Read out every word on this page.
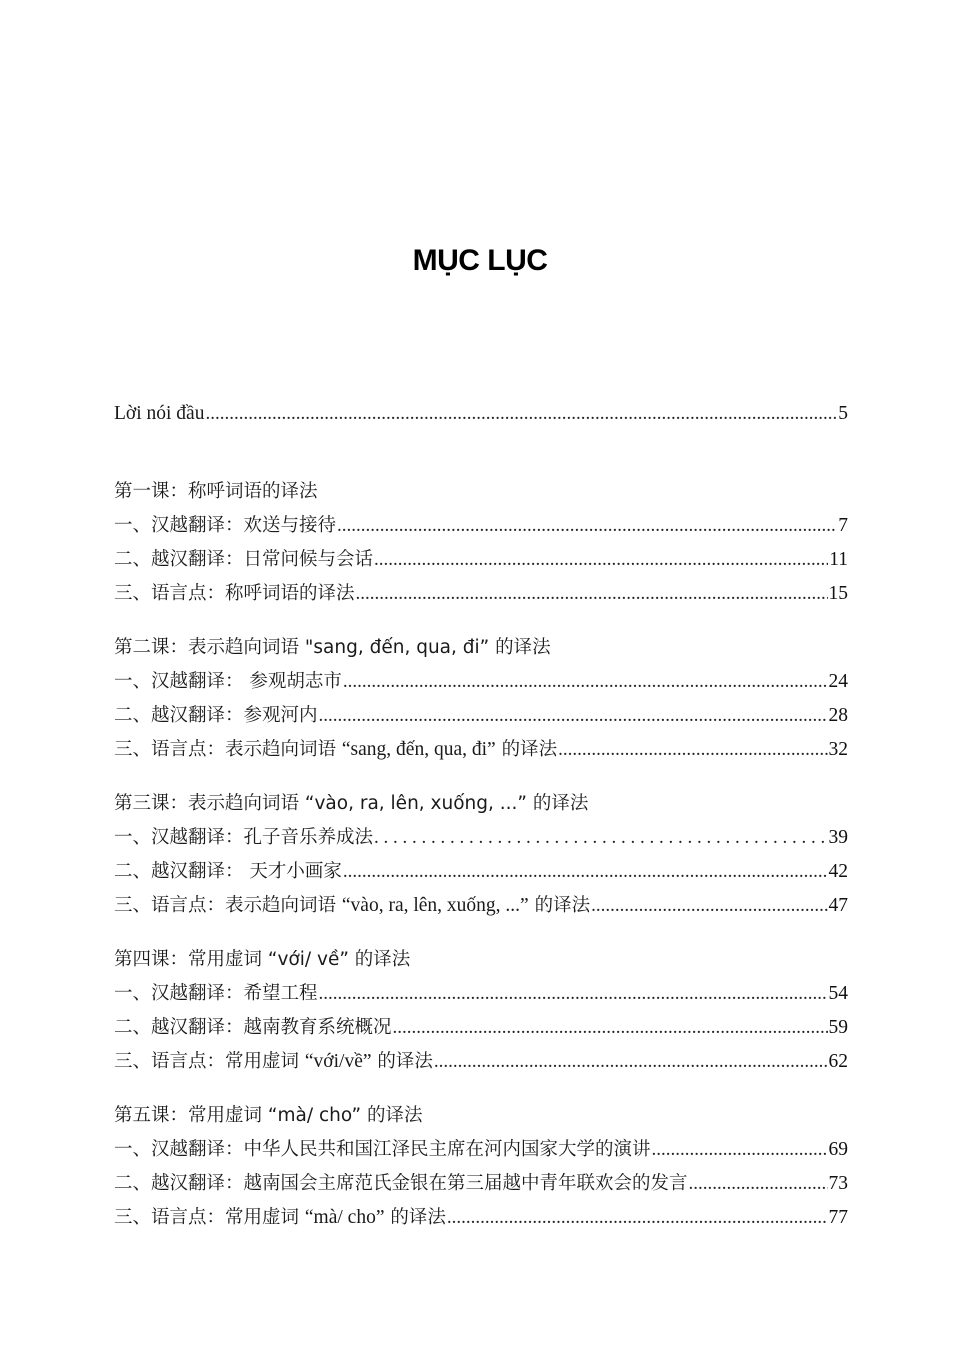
MỤC LỤC
Lời nói đầu .....	5
第一课：称呼词语的译法
一、汉越翻译：欢送与接待 .....	7
二、越汉翻译：日常问候与会话 .....	11
三、语言点：称呼词语的译法 .....	15
第二课：表示趋向词语 "sang, đến, qua, đi” 的译法
一、汉越翻译： 参观胡志市 .....	24
二、越汉翻译：参观河内 .....	28
三、语言点：表示趋向词语 “sang, đến, qua, đi” 的译法 .....	32
第三课：表示趋向词语 “vào, ra, lên, xuống, ...” 的译法
一、汉越翻译：孔子音乐养成法 . . .	39
二、越汉翻译： 天才小画家 .....	42
三、语言点：表示趋向词语 “vào, ra, lên, xuống, ...” 的译法 .....	47
第四课：常用虚词 “với/ về” 的译法
一、汉越翻译：希望工程 .....	54
二、越汉翻译：越南教育系统概况 .....	59
三、语言点：常用虚词 “với/về” 的译法 .....	62
第五课：常用虚词 “mà/ cho” 的译法
一、汉越翻译：中华人民共和国江泽民主席在河内国家大学的演讲 .....	69
二、越汉翻译：越南国会主席范氏金银在第三届越中青年联欢会的发言 .....	73
三、语言点：常用虚词 “mà/ cho” 的译法 .....	77
